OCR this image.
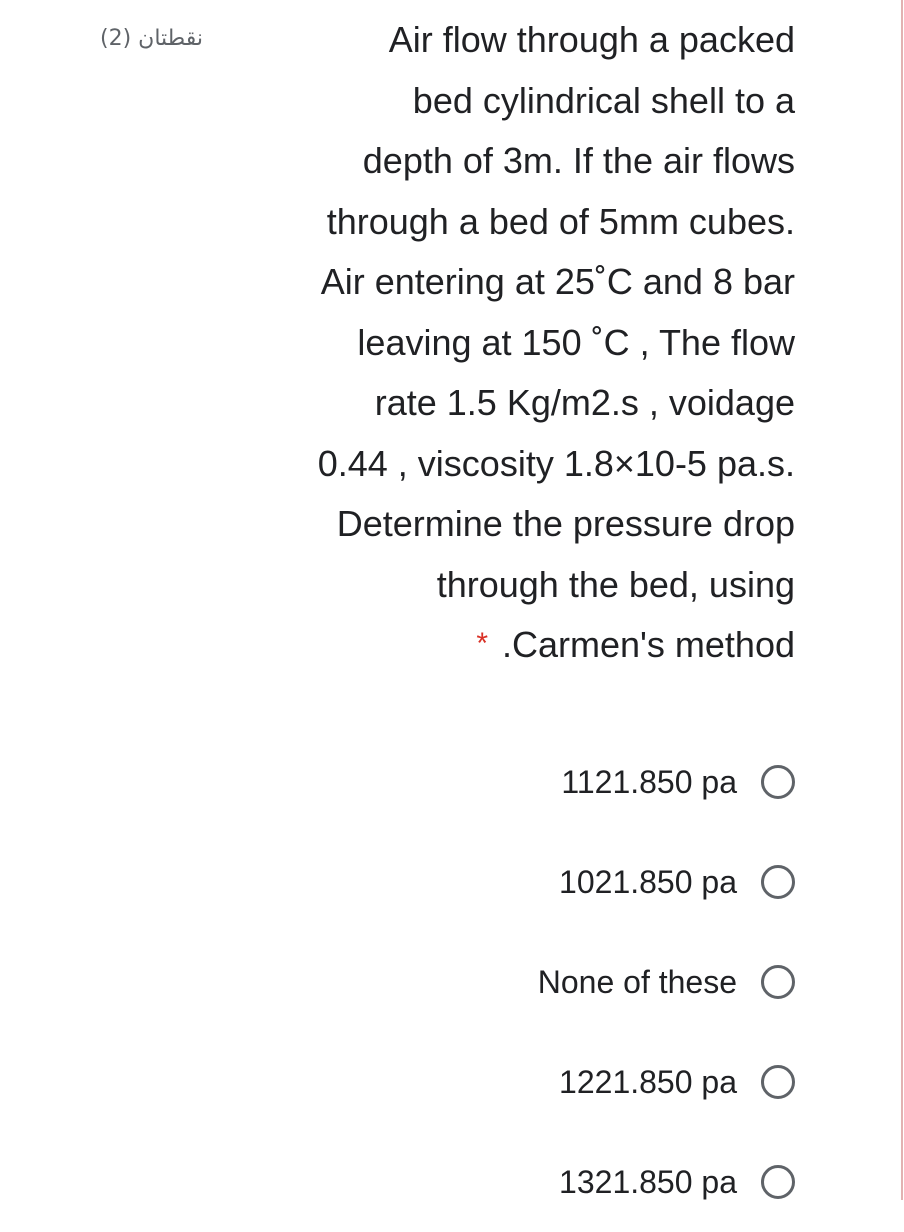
نقطتان (2)	Air flow through a packed
bed cylindrical shell to a
depth of 3m. If the air flows
through a bed of 5mm cubes.
Air entering at 25˚C and 8 bar
leaving at 150 ˚C , The flow
rate 1.5 Kg/m2.s , voidage
0.44 , viscosity 1.8×10-5 pa.s.
Determine the pressure drop
through the bed, using
* .Carmen's method
1121.850 pa
1021.850 pa
None of these
1221.850 pa
1321.850 pa
